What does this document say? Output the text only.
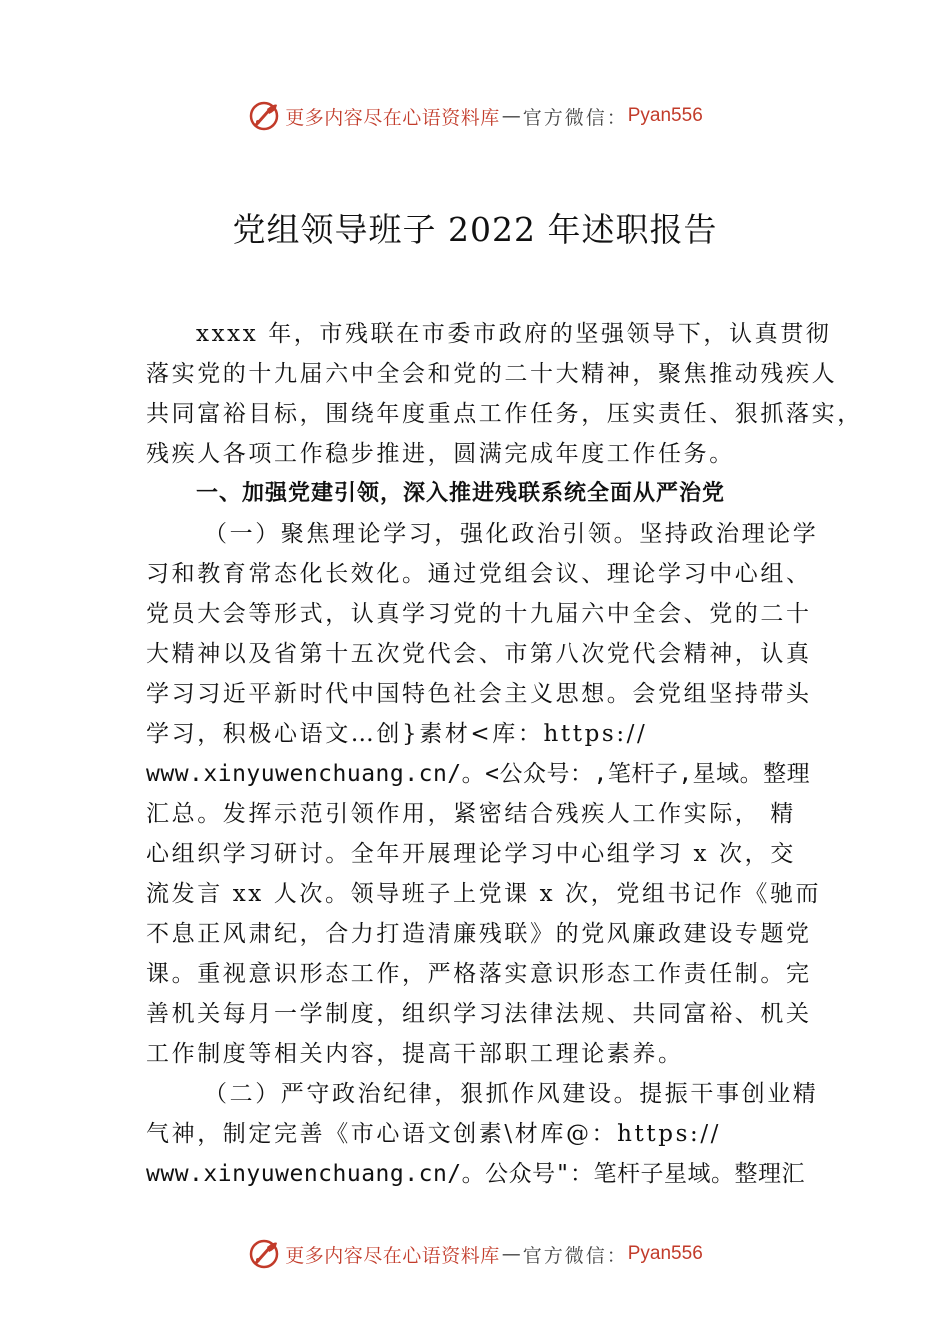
更多内容尽在心语资料库 — 官方微信： Pyan556
党组领导班子 2022 年述职报告
xxxx 年，市残联在市委市政府的坚强领导下，认真贯彻
落实党的十九届六中全会和党的二十大精神，聚焦推动残疾人
共同富裕目标，围绕年度重点工作任务，压实责任、狠抓落实，
残疾人各项工作稳步推进，圆满完成年度工作任务。
一、加强党建引领，深入推进残联系统全面从严治党
（一）聚焦理论学习，强化政治引领。坚持政治理论学
习和教育常态化长效化。通过党组会议、理论学习中心组、
党员大会等形式，认真学习党的十九届六中全会、党的二十
大精神以及省第十五次党代会、市第八次党代会精神，认真
学习习近平新时代中国特色社会主义思想。会党组坚持带头
学习，积极心语文…创}素材<库：https://
www.xinyuwenchuang.cn/。<公众号：,笔杆子,星域。整理
汇总。发挥示范引领作用，紧密结合残疾人工作实际， 精
心组织学习研讨。全年开展理论学习中心组学习 x 次，交
流发言 xx 人次。领导班子上党课 x 次，党组书记作《驰而
不息正风肃纪，合力打造清廉残联》的党风廉政建设专题党
课。重视意识形态工作，严格落实意识形态工作责任制。完
善机关每月一学制度，组织学习法律法规、共同富裕、机关
工作制度等相关内容，提高干部职工理论素养。
（二）严守政治纪律，狠抓作风建设。提振干事创业精
气神，制定完善《市心语文创素\材库@：https://
www.xinyuwenchuang.cn/。公众号"：笔杆子星域。整理汇
更多内容尽在心语资料库 — 官方微信： Pyan556
